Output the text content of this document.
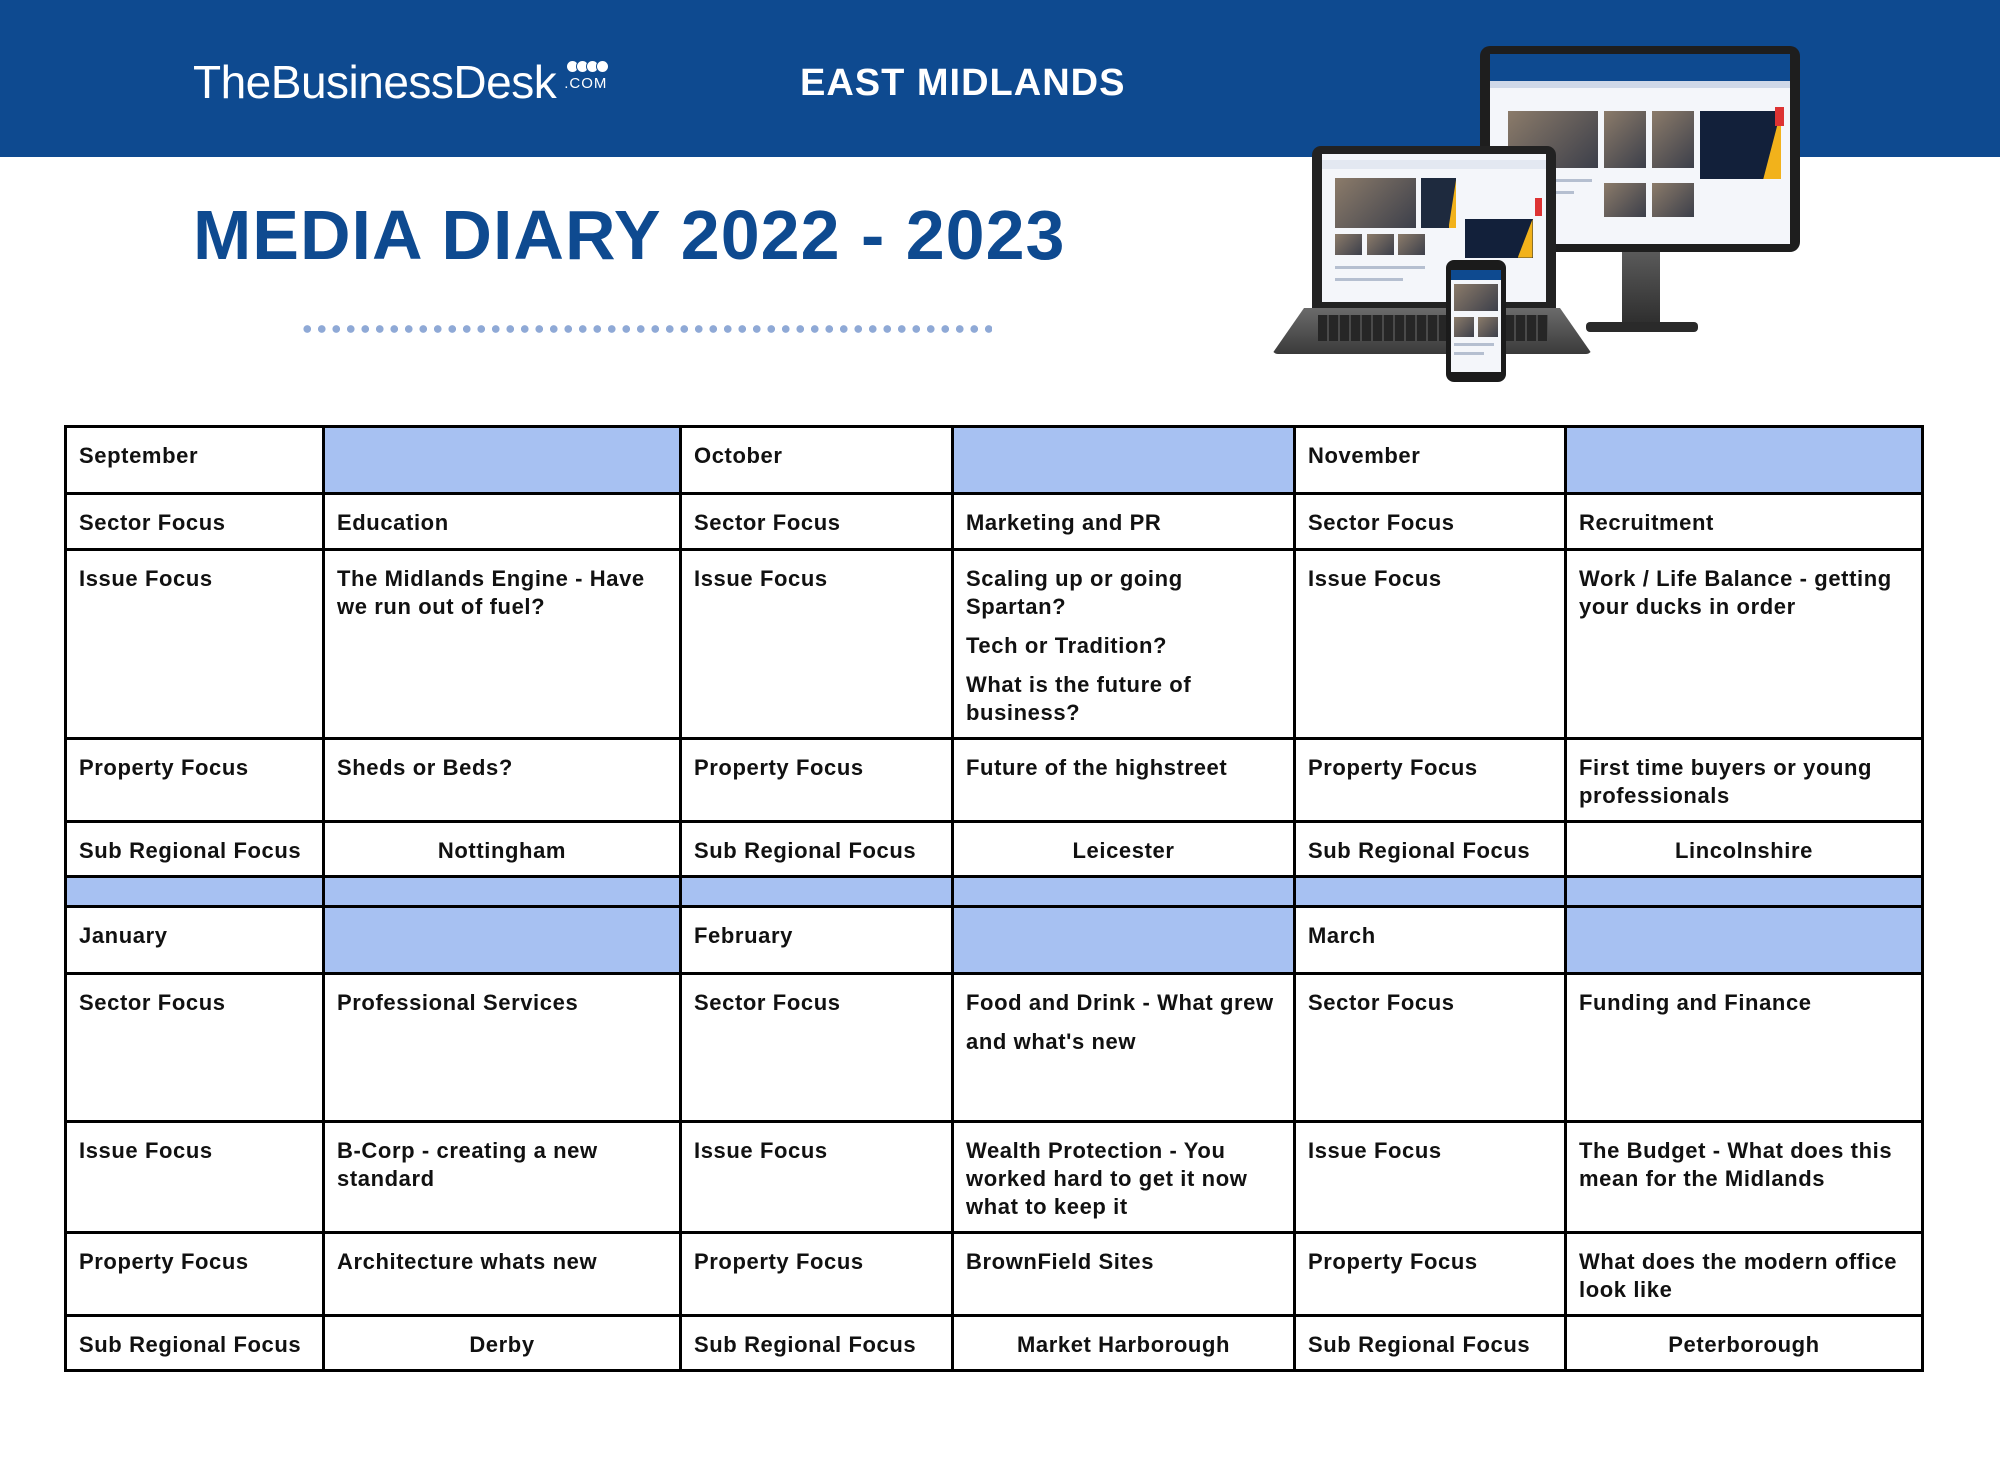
TheBusinessDesk .COM	EAST MIDLANDS
MEDIA DIARY 2022 - 2023
September		October		November	
Sector Focus	Education	Sector Focus	Marketing and PR	Sector Focus	Recruitment

Issue Focus	The Midlands Engine - Have we run out of fuel?	Issue Focus	Scaling up or going Spartan?

Tech or Tradition?

What is the future of business?	Issue Focus	Work / Life Balance - getting your ducks in order

Property Focus	Sheds or Beds?	Property Focus	Future of the highstreet	Property Focus	First time buyers or young professionals

Sub Regional Focus	Nottingham	Sub Regional Focus	Leicester	Sub Regional Focus	Lincolnshire

January		February		March	
Sector Focus	Professional Services	Sector Focus	Food and Drink - What grew

and what's new	Sector Focus	Funding and Finance

Issue Focus	B-Corp - creating a new standard	Issue Focus	Wealth Protection - You worked hard to get it now what to keep it	Issue Focus	The Budget - What does this mean for the Midlands

Property Focus	Architecture whats new	Property Focus	BrownField Sites	Property Focus	What does the modern office look like

Sub Regional Focus	Derby	Sub Regional Focus	Market Harborough	Sub Regional Focus	Peterborough
